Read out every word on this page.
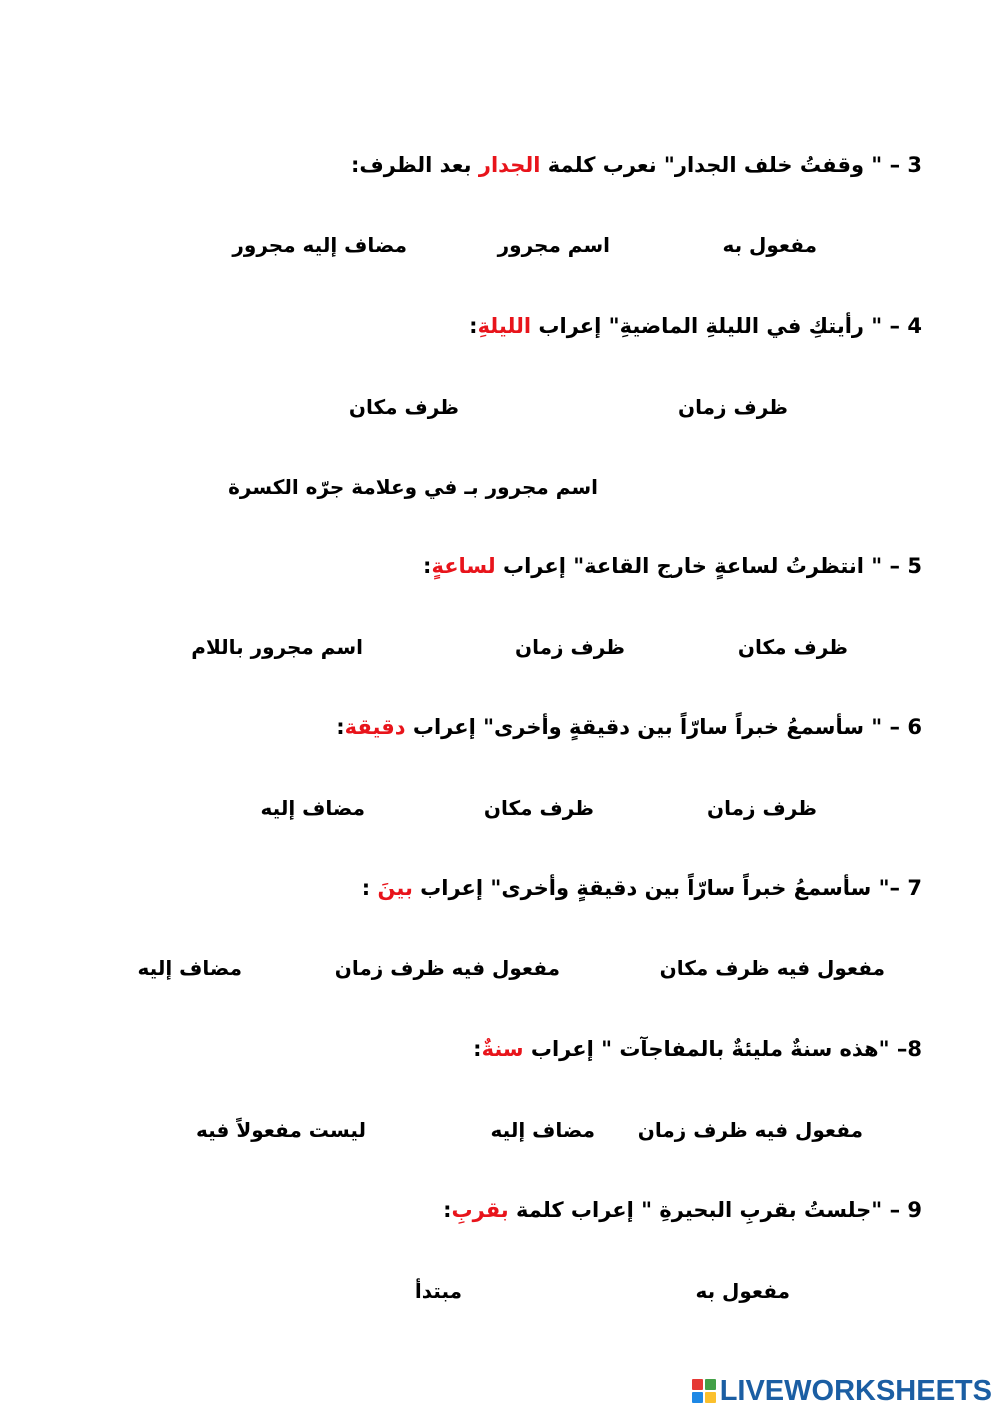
3 – " وقفتُ خلف الجدار" نعرب كلمة الجدار بعد الظرف:
مفعول به
اسم مجرور
مضاف إليه مجرور
4 – " رأيتكِ في الليلةِ الماضيةِ" إعراب الليلةِ:
ظرف زمان
ظرف مكان
اسم مجرور بـ في وعلامة جرّه الكسرة
5 – " انتظرتُ لساعةٍ خارج القاعة" إعراب لساعةٍ:
ظرف مكان
ظرف زمان
اسم مجرور باللام
6 – " سأسمعُ خبراً سارّاً بين دقيقةٍ وأخرى" إعراب دقيقة:
ظرف زمان
ظرف مكان
مضاف إليه
7 –" سأسمعُ خبراً سارّاً بين دقيقةٍ وأخرى" إعراب بينَ :
مفعول فيه ظرف مكان
مفعول فيه ظرف زمان
مضاف إليه
8– "هذه سنةٌ مليئةٌ بالمفاجآت " إعراب سنةٌ:
مفعول فيه ظرف زمان
مضاف إليه
ليست مفعولاً فيه
9 – "جلستُ بقربِ البحيرةِ " إعراب كلمة بقربِ:
مفعول به
مبتدأ
LIVEWORKSHEETS
